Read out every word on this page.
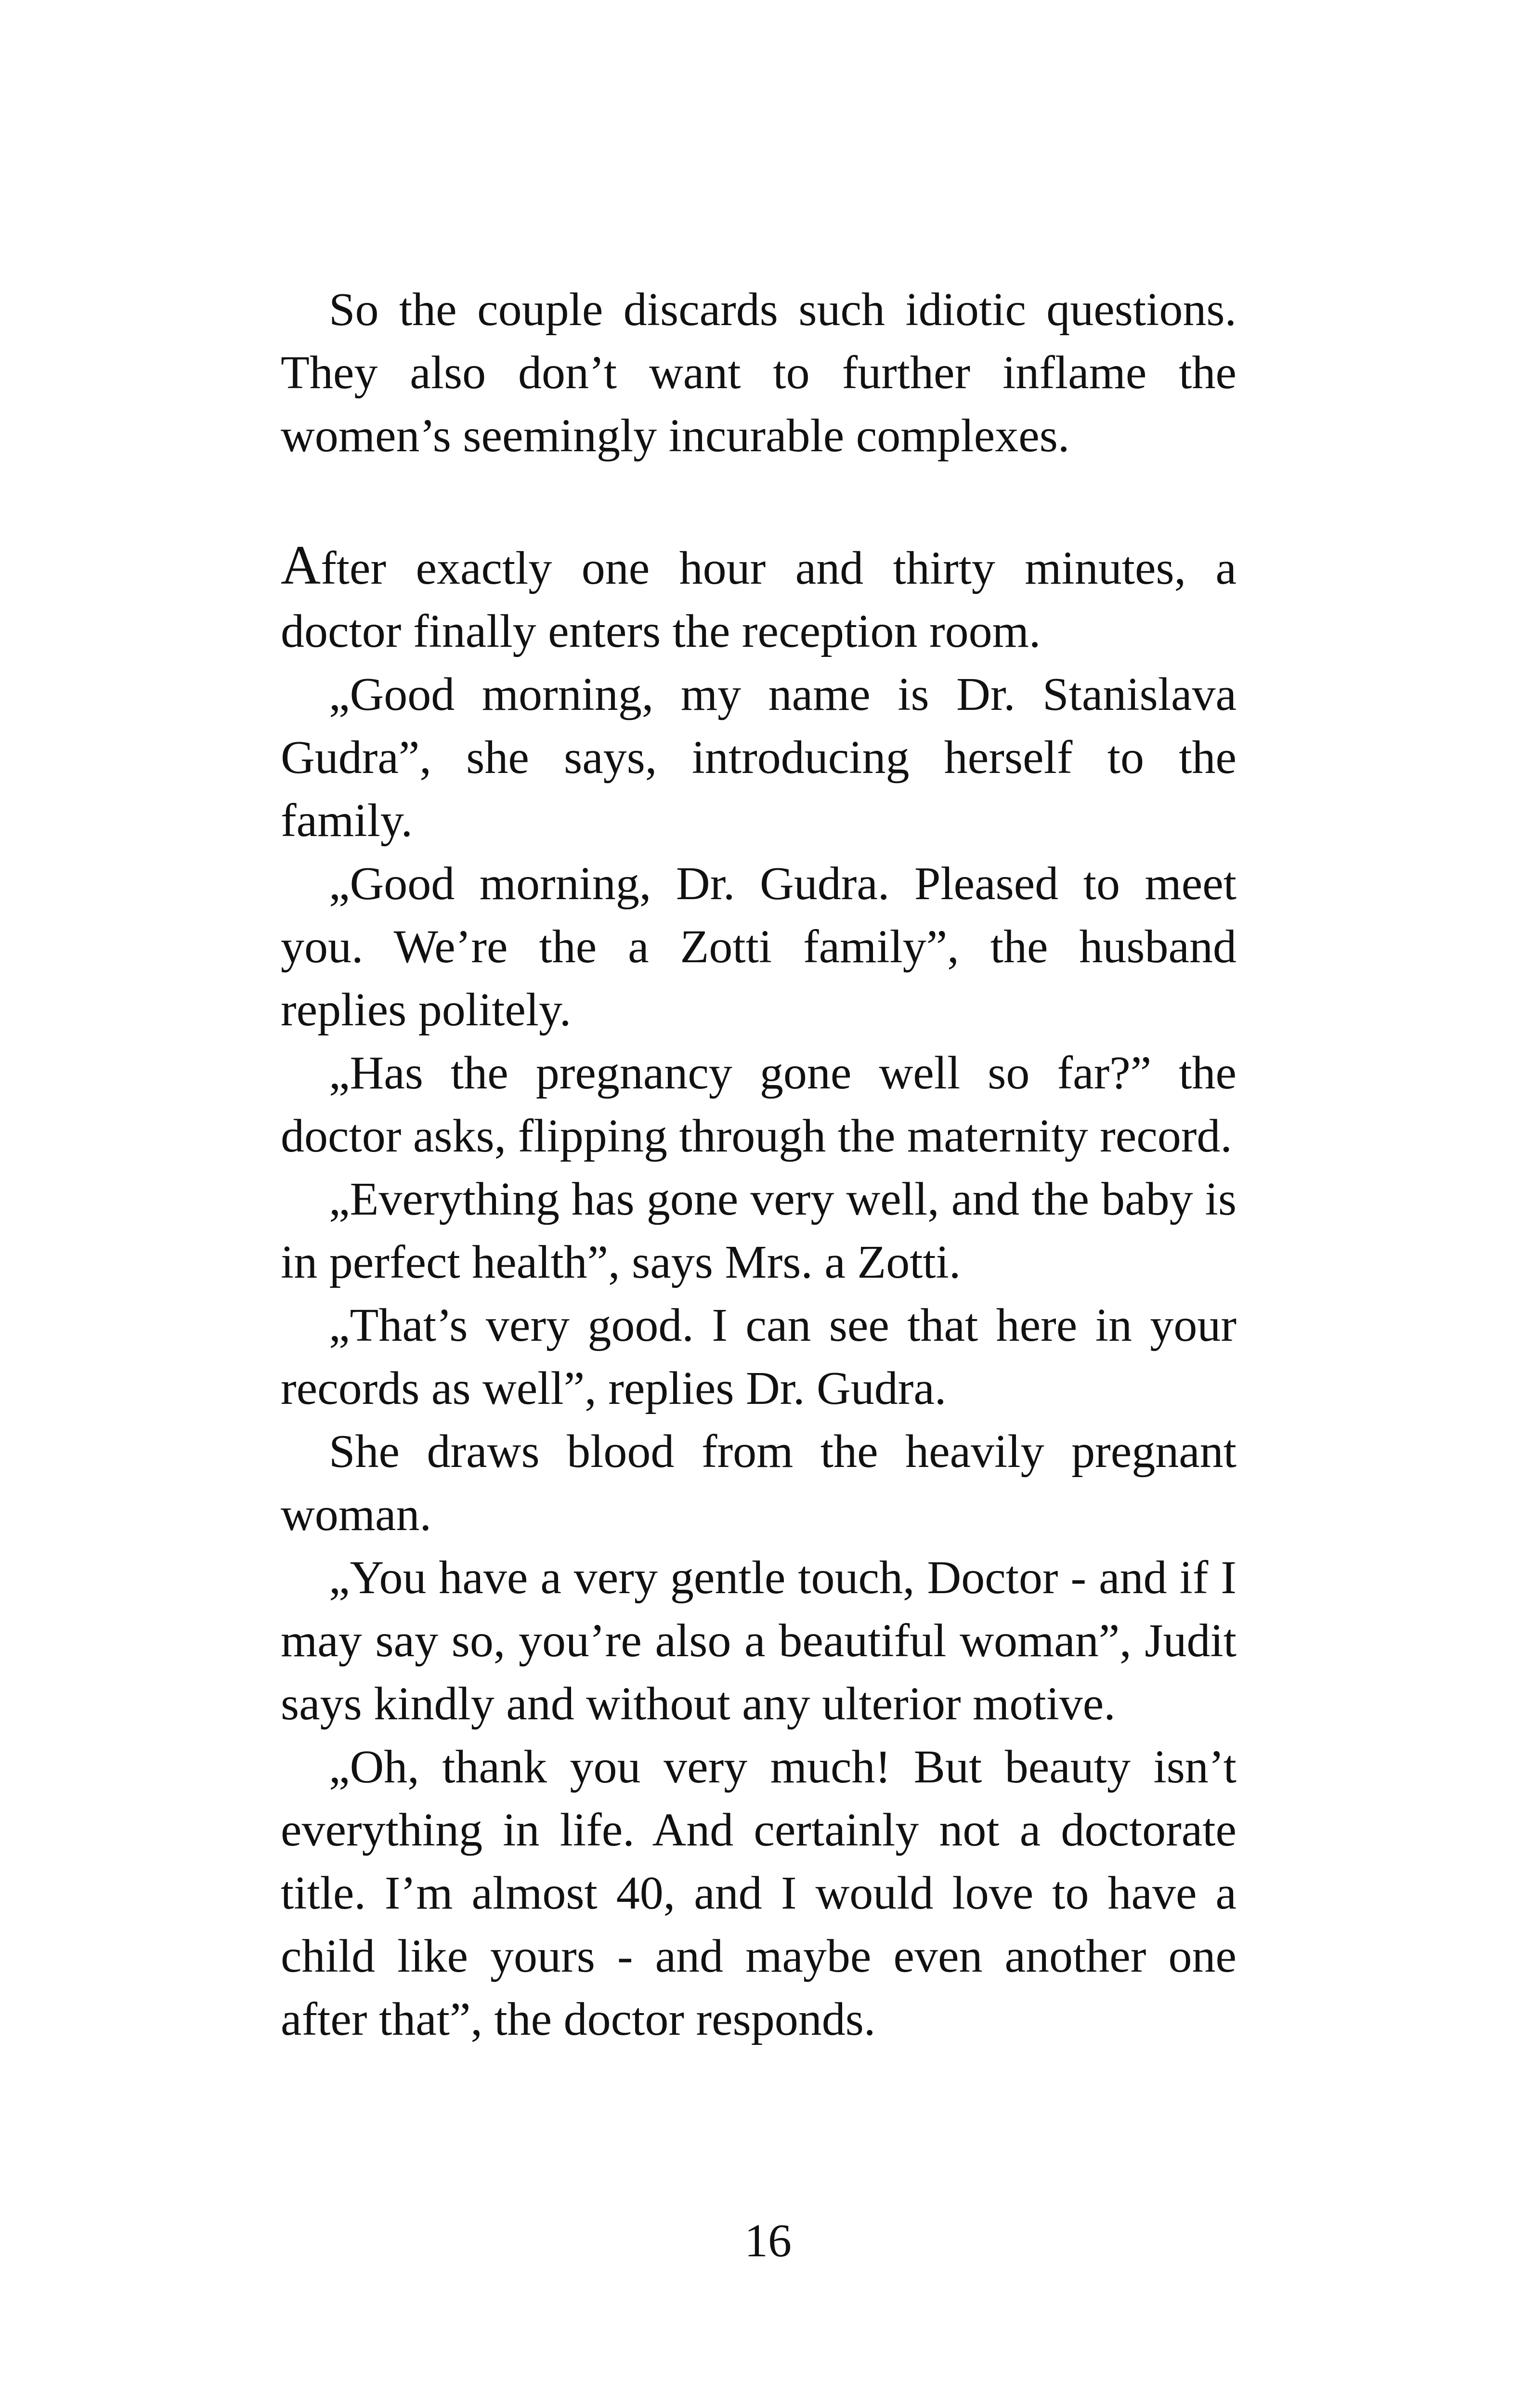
So the couple discards such idiotic questions. They also don’t want to further inflame the women’s seemingly incurable complexes.

After exactly one hour and thirty minutes, a doctor finally enters the reception room.

„Good morning, my name is Dr. Stanislava Gudra”, she says, introducing herself to the family.

„Good morning, Dr. Gudra. Pleased to meet you. We’re the a Zotti family”, the husband replies politely.

„Has the pregnancy gone well so far?” the doctor asks, flipping through the maternity record.

„Everything has gone very well, and the baby is in perfect health”, says Mrs. a Zotti.

„That’s very good. I can see that here in your records as well”, replies Dr. Gudra.

She draws blood from the heavily pregnant woman.

„You have a very gentle touch, Doctor - and if I may say so, you’re also a beautiful woman”, Judit says kindly and without any ulterior motive.

„Oh, thank you very much! But beauty isn’t everything in life. And certainly not a doctorate title. I’m almost 40, and I would love to have a child like yours - and maybe even another one after that”, the doctor responds.

16
